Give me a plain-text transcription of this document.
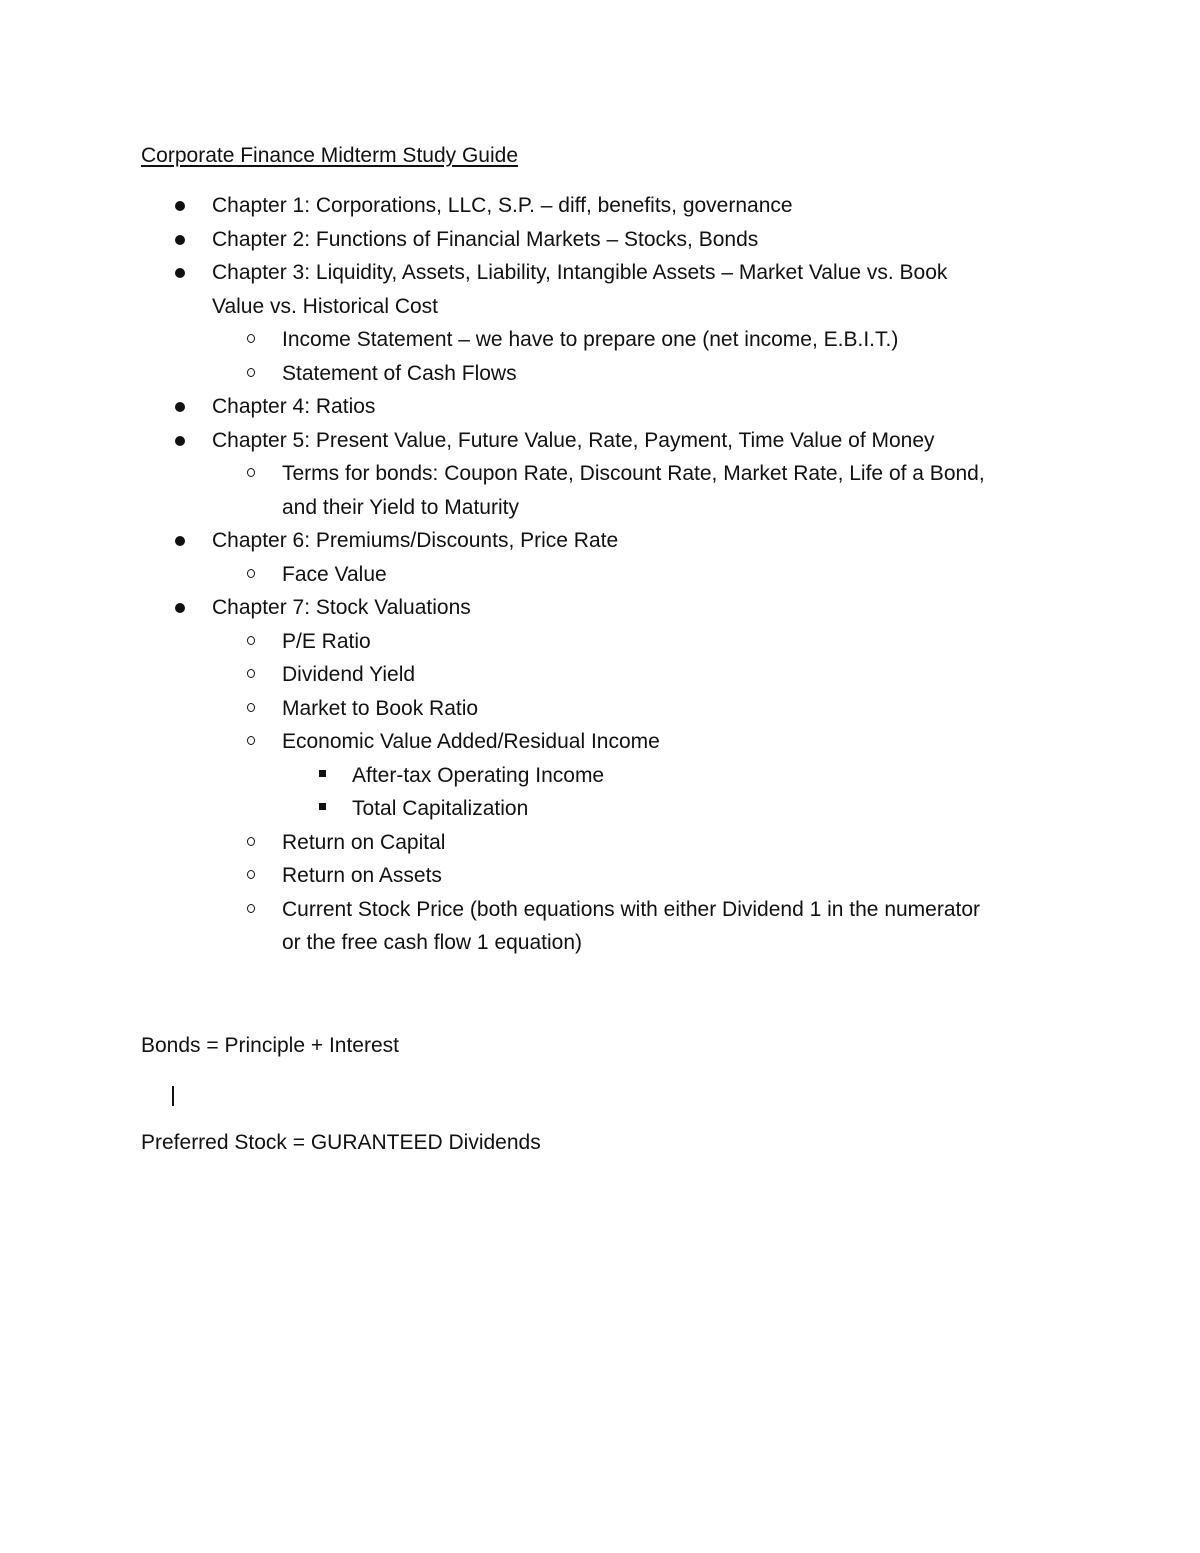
Corporate Finance Midterm Study Guide
Chapter 1: Corporations, LLC, S.P. – diff, benefits, governance
Chapter 2: Functions of Financial Markets – Stocks, Bonds
Chapter 3: Liquidity, Assets, Liability, Intangible Assets – Market Value vs. Book
Value vs. Historical Cost
Income Statement – we have to prepare one (net income, E.B.I.T.)
Statement of Cash Flows
Chapter 4: Ratios
Chapter 5: Present Value, Future Value, Rate, Payment, Time Value of Money
Terms for bonds: Coupon Rate, Discount Rate, Market Rate, Life of a Bond,
and their Yield to Maturity
Chapter 6: Premiums/Discounts, Price Rate
Face Value
Chapter 7: Stock Valuations
P/E Ratio
Dividend Yield
Market to Book Ratio
Economic Value Added/Residual Income
After-tax Operating Income
Total Capitalization
Return on Capital
Return on Assets
Current Stock Price (both equations with either Dividend 1 in the numerator
or the free cash flow 1 equation)
Bonds = Principle + Interest
Preferred Stock = GURANTEED Dividends
